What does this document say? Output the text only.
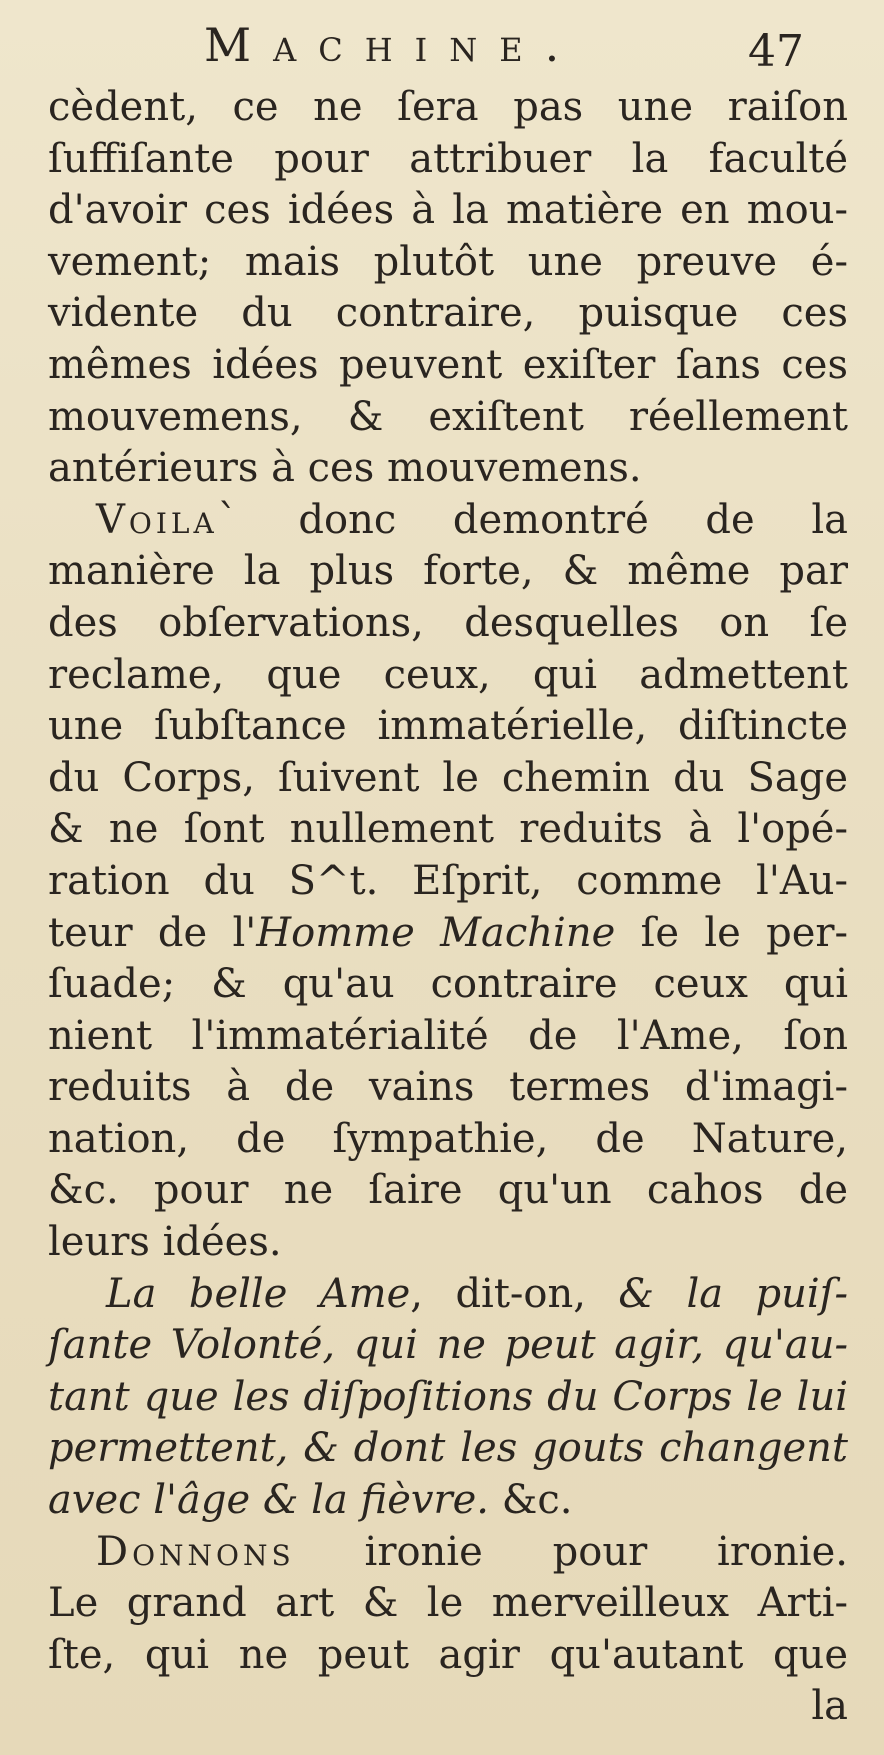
Machine.	47
cèdent, ce ne ſera pas une raiſon
ſuffiſante pour attribuer la faculté
d'avoir ces idées à la matière en mou-
vement; mais plutôt une preuve é-
vidente du contraire, puisque ces
mêmes idées peuvent exiſter ſans ces
mouvemens, & exiſtent réellement
antérieurs à ces mouvemens.
Voila` donc demontré de la
manière la plus forte, & même par
des obſervations, desquelles on ſe
reclame, que ceux, qui admettent
une ſubſtance immatérielle, diſtincte
du Corps, ſuivent le chemin du Sage
& ne ſont nullement reduits à l'opé-
ration du S^t. Eſprit, comme l'Au-
teur de l'Homme Machine ſe le per-
ſuade; & qu'au contraire ceux qui
nient l'immatérialité de l'Ame, ſon
reduits à de vains termes d'imagi-
nation, de ſympathie, de Nature,
&c. pour ne ſaire qu'un cahos de
leurs idées.
La belle Ame, dit-on, & la puiſ-
ſante Volonté, qui ne peut agir, qu'au-
tant que les diſpoſitions du Corps le lui
permettent, & dont les gouts changent
avec l'âge & la fièvre. &c.
Donnons ironie pour ironie.
Le grand art & le merveilleux Arti-
ſte, qui ne peut agir qu'autant que
la
